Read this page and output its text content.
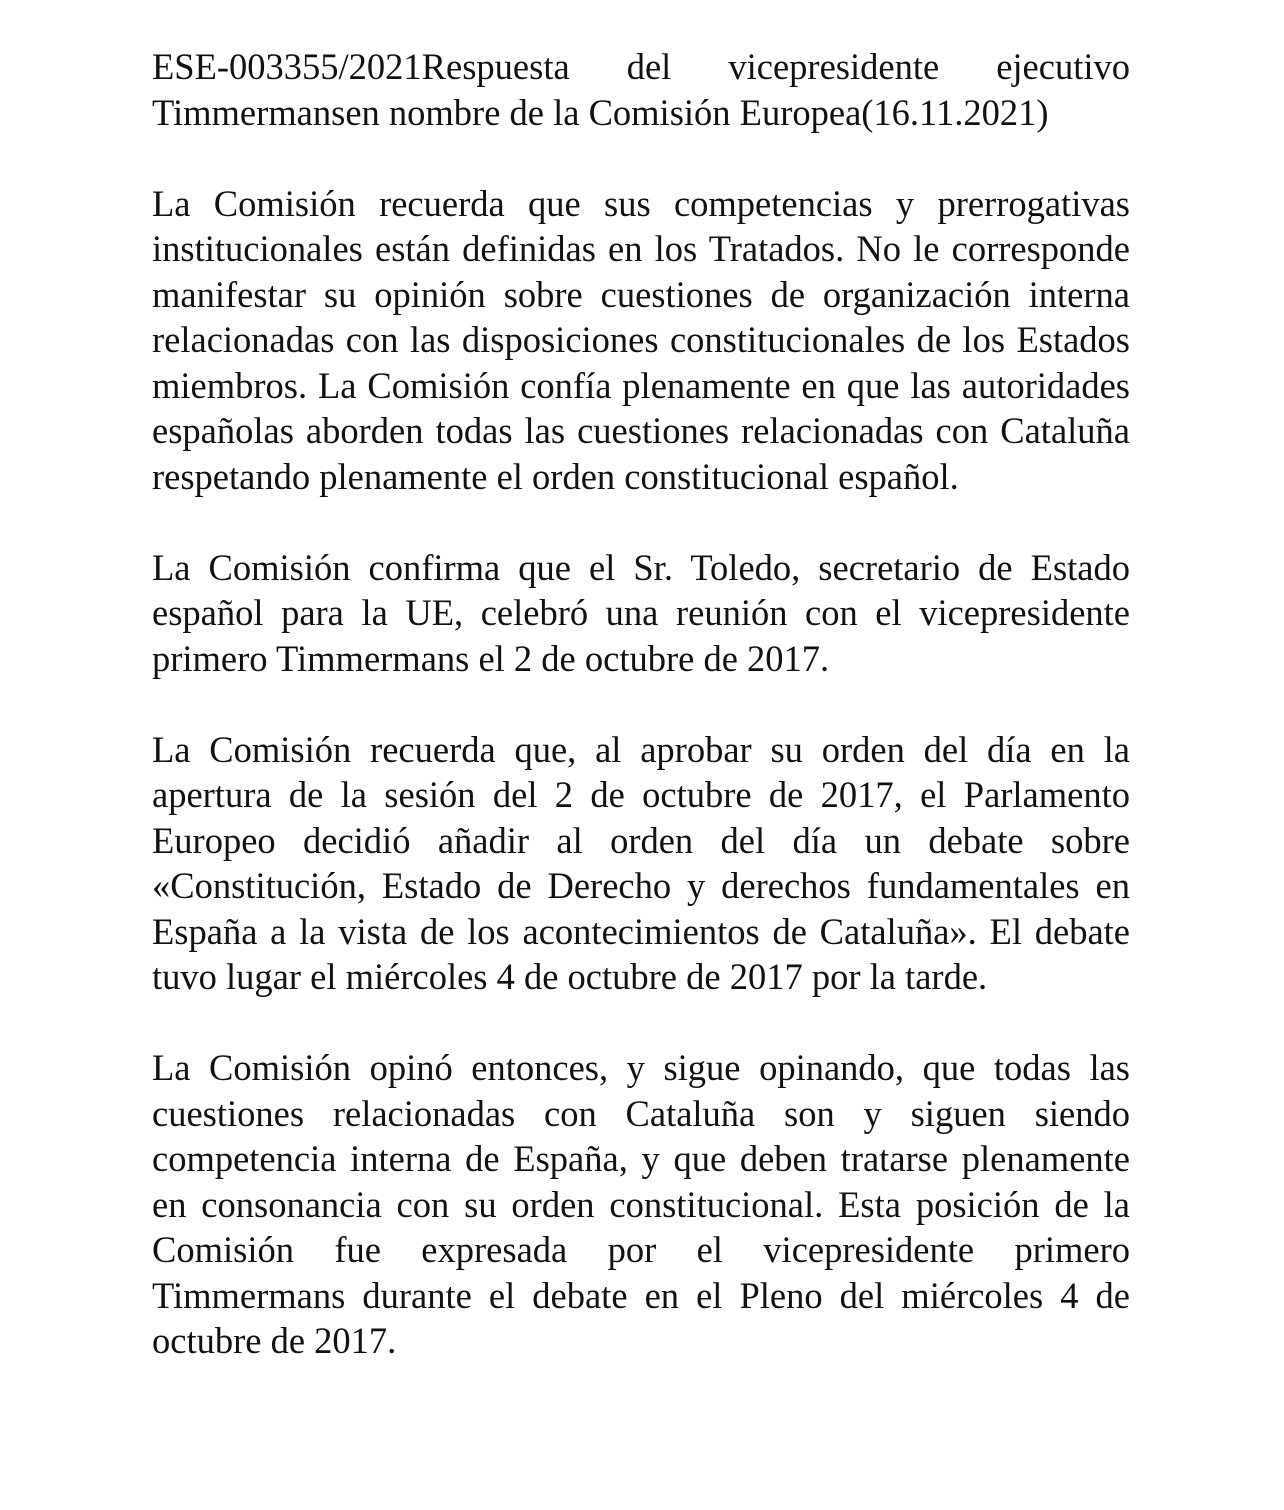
ESE-003355/2021Respuesta del vicepresidente ejecutivo Timmermansen nombre de la Comisión Europea(16.11.2021)

La Comisión recuerda que sus competencias y prerrogativas institucionales están definidas en los Tratados. No le corresponde manifestar su opinión sobre cuestiones de organización interna relacionadas con las disposiciones constitucionales de los Estados miembros. La Comisión confía plenamente en que las autoridades españolas aborden todas las cuestiones relacionadas con Cataluña respetando plenamente el orden constitucional español.

La Comisión confirma que el Sr. Toledo, secretario de Estado español para la UE, celebró una reunión con el vicepresidente primero Timmermans el 2 de octubre de 2017.

La Comisión recuerda que, al aprobar su orden del día en la apertura de la sesión del 2 de octubre de 2017, el Parlamento Europeo decidió añadir al orden del día un debate sobre «Constitución, Estado de Derecho y derechos fundamentales en España a la vista de los acontecimientos de Cataluña». El debate tuvo lugar el miércoles 4 de octubre de 2017 por la tarde.

La Comisión opinó entonces, y sigue opinando, que todas las cuestiones relacionadas con Cataluña son y siguen siendo competencia interna de España, y que deben tratarse plenamente en consonancia con su orden constitucional. Esta posición de la Comisión fue expresada por el vicepresidente primero Timmermans durante el debate en el Pleno del miércoles 4 de octubre de 2017.
